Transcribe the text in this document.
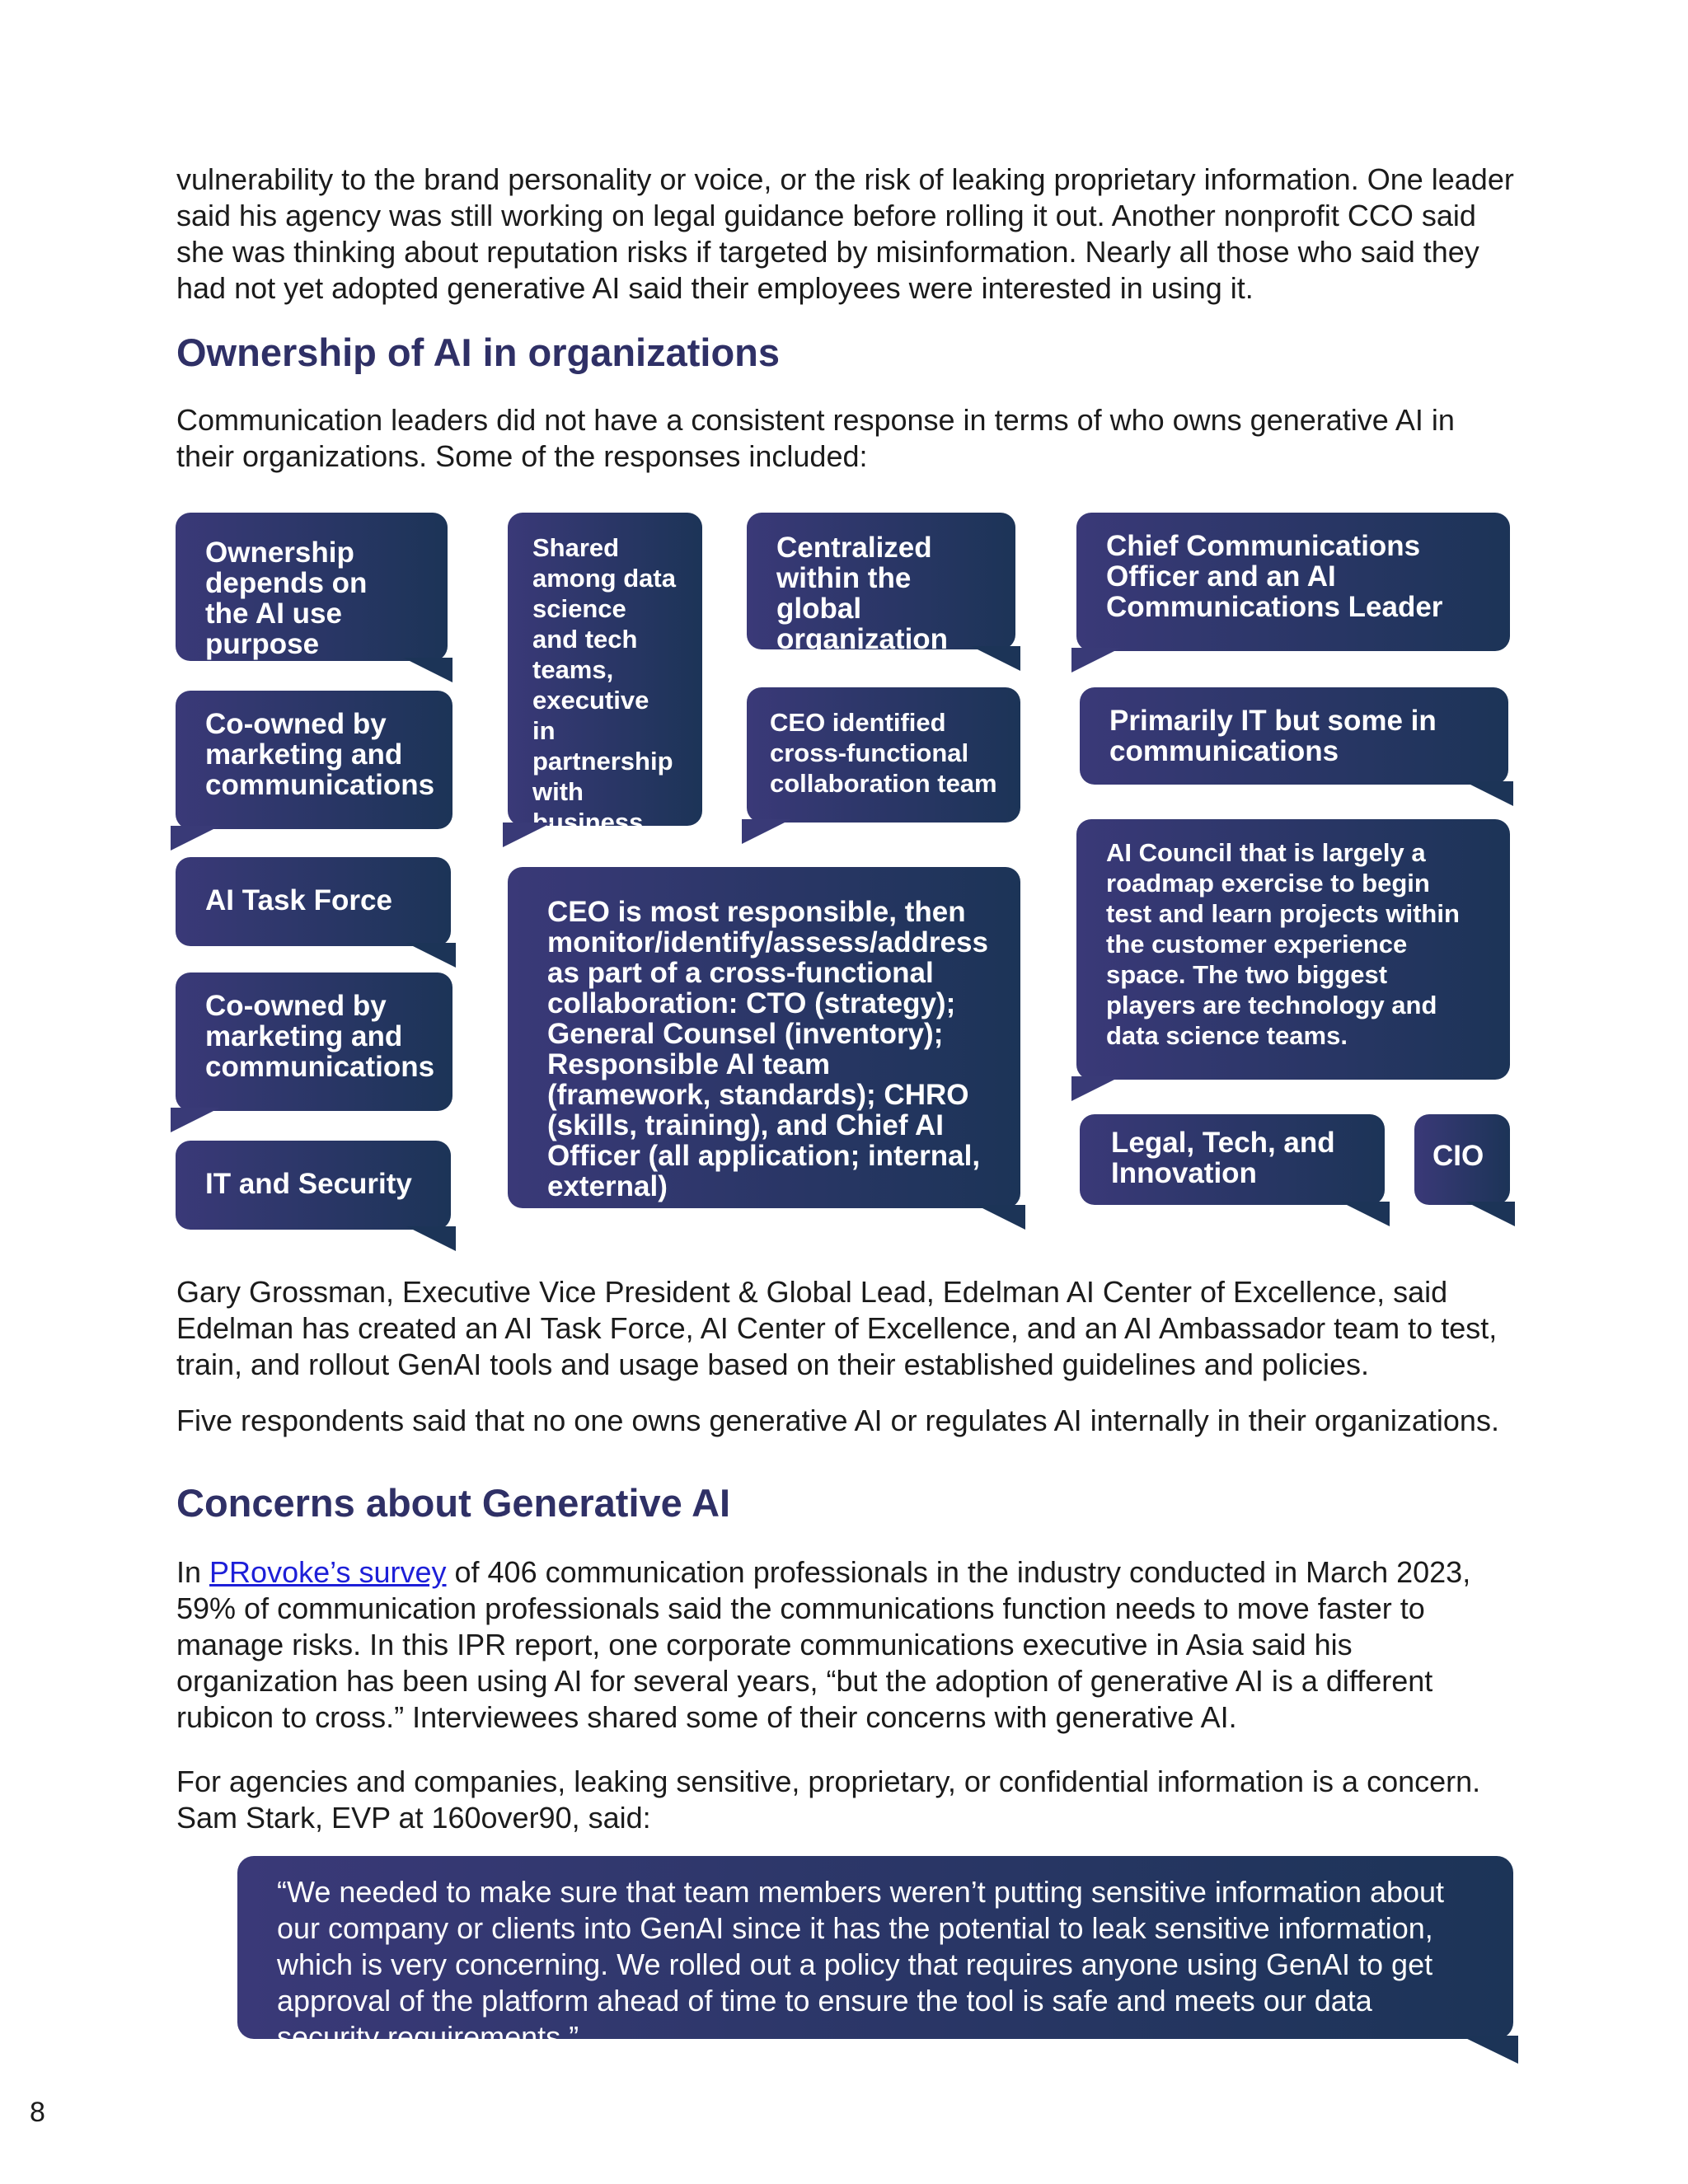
vulnerability to the brand personality or voice, or the risk of leaking proprietary information. One leader said his agency was still working on legal guidance before rolling it out. Another nonprofit CCO said she was thinking about reputation risks if targeted by misinformation. Nearly all those who said they had not yet adopted generative AI said their employees were interested in using it.

Ownership of AI in organizations

Communication leaders did not have a consistent response in terms of who owns generative AI in their organizations. Some of the responses included:

Ownership depends on the AI use purpose
Co-owned by marketing and communications
AI Task Force
Co-owned by marketing and communications
IT and Security
Shared among data science and tech teams, executive in partnership with business units
Centralized within the global organization
CEO identified cross-functional collaboration team
CEO is most responsible, then monitor/identify/assess/address as part of a cross-functional collaboration: CTO (strategy); General Counsel (inventory); Responsible AI team (framework, standards); CHRO (skills, training), and Chief AI Officer (all application; internal, external)
Chief Communications Officer and an AI Communications Leader
Primarily IT but some in communications
AI Council that is largely a roadmap exercise to begin test and learn projects within the customer experience space. The two biggest players are technology and data science teams.
Legal, Tech, and Innovation
CIO

Gary Grossman, Executive Vice President & Global Lead, Edelman AI Center of Excellence, said Edelman has created an AI Task Force, AI Center of Excellence, and an AI Ambassador team to test, train, and rollout GenAI tools and usage based on their established guidelines and policies.

Five respondents said that no one owns generative AI or regulates AI internally in their organizations.

Concerns about Generative AI

In PRovoke’s survey of 406 communication professionals in the industry conducted in March 2023, 59% of communication professionals said the communications function needs to move faster to manage risks. In this IPR report, one corporate communications executive in Asia said his organization has been using AI for several years, “but the adoption of generative AI is a different rubicon to cross.” Interviewees shared some of their concerns with generative AI.

For agencies and companies, leaking sensitive, proprietary, or confidential information is a concern. Sam Stark, EVP at 160over90, said:

“We needed to make sure that team members weren’t putting sensitive information about our company or clients into GenAI since it has the potential to leak sensitive information, which is very concerning. We rolled out a policy that requires anyone using GenAI to get approval of the platform ahead of time to ensure the tool is safe and meets our data security requirements.”
8
